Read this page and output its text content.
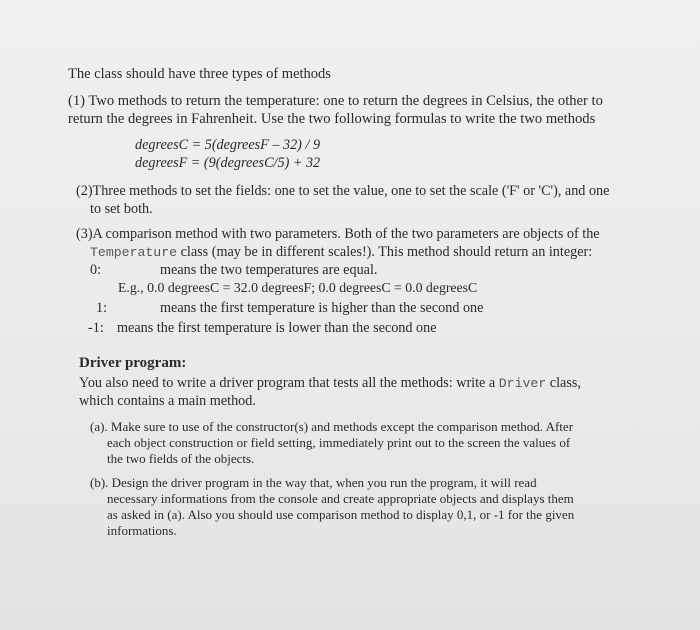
The class should have three types of methods
(1) Two methods to return the temperature: one to return the degrees in Celsius, the other to
return the degrees in Fahrenheit. Use the two following formulas to write the two methods
degreesC = 5(degreesF – 32) / 9
degreesF = (9(degreesC/5) + 32
(2)Three methods to set the fields: one to set the value, one to set the scale ('F' or 'C'), and one
to set both.
(3)A comparison method with two parameters. Both of the two parameters are objects of the
Temperature class (may be in different scales!). This method should return an integer:
0:	means the two temperatures are equal.
E.g., 0.0 degreesC = 32.0 degreesF; 0.0 degreesC = 0.0 degreesC
1:	means the first temperature is higher than the second one
-1: means the first temperature is lower than the second one
Driver program:
You also need to write a driver program that tests all the methods: write a Driver class,
which contains a main method.
(a). Make sure to use of the constructor(s) and methods except the comparison method. After
each object construction or field setting, immediately print out to the screen the values of
the two fields of the objects.
(b). Design the driver program in the way that, when you run the program, it will read
necessary informations from the console and create appropriate objects and displays them
as asked in (a). Also you should use comparison method to display 0,1, or -1 for the given
informations.
